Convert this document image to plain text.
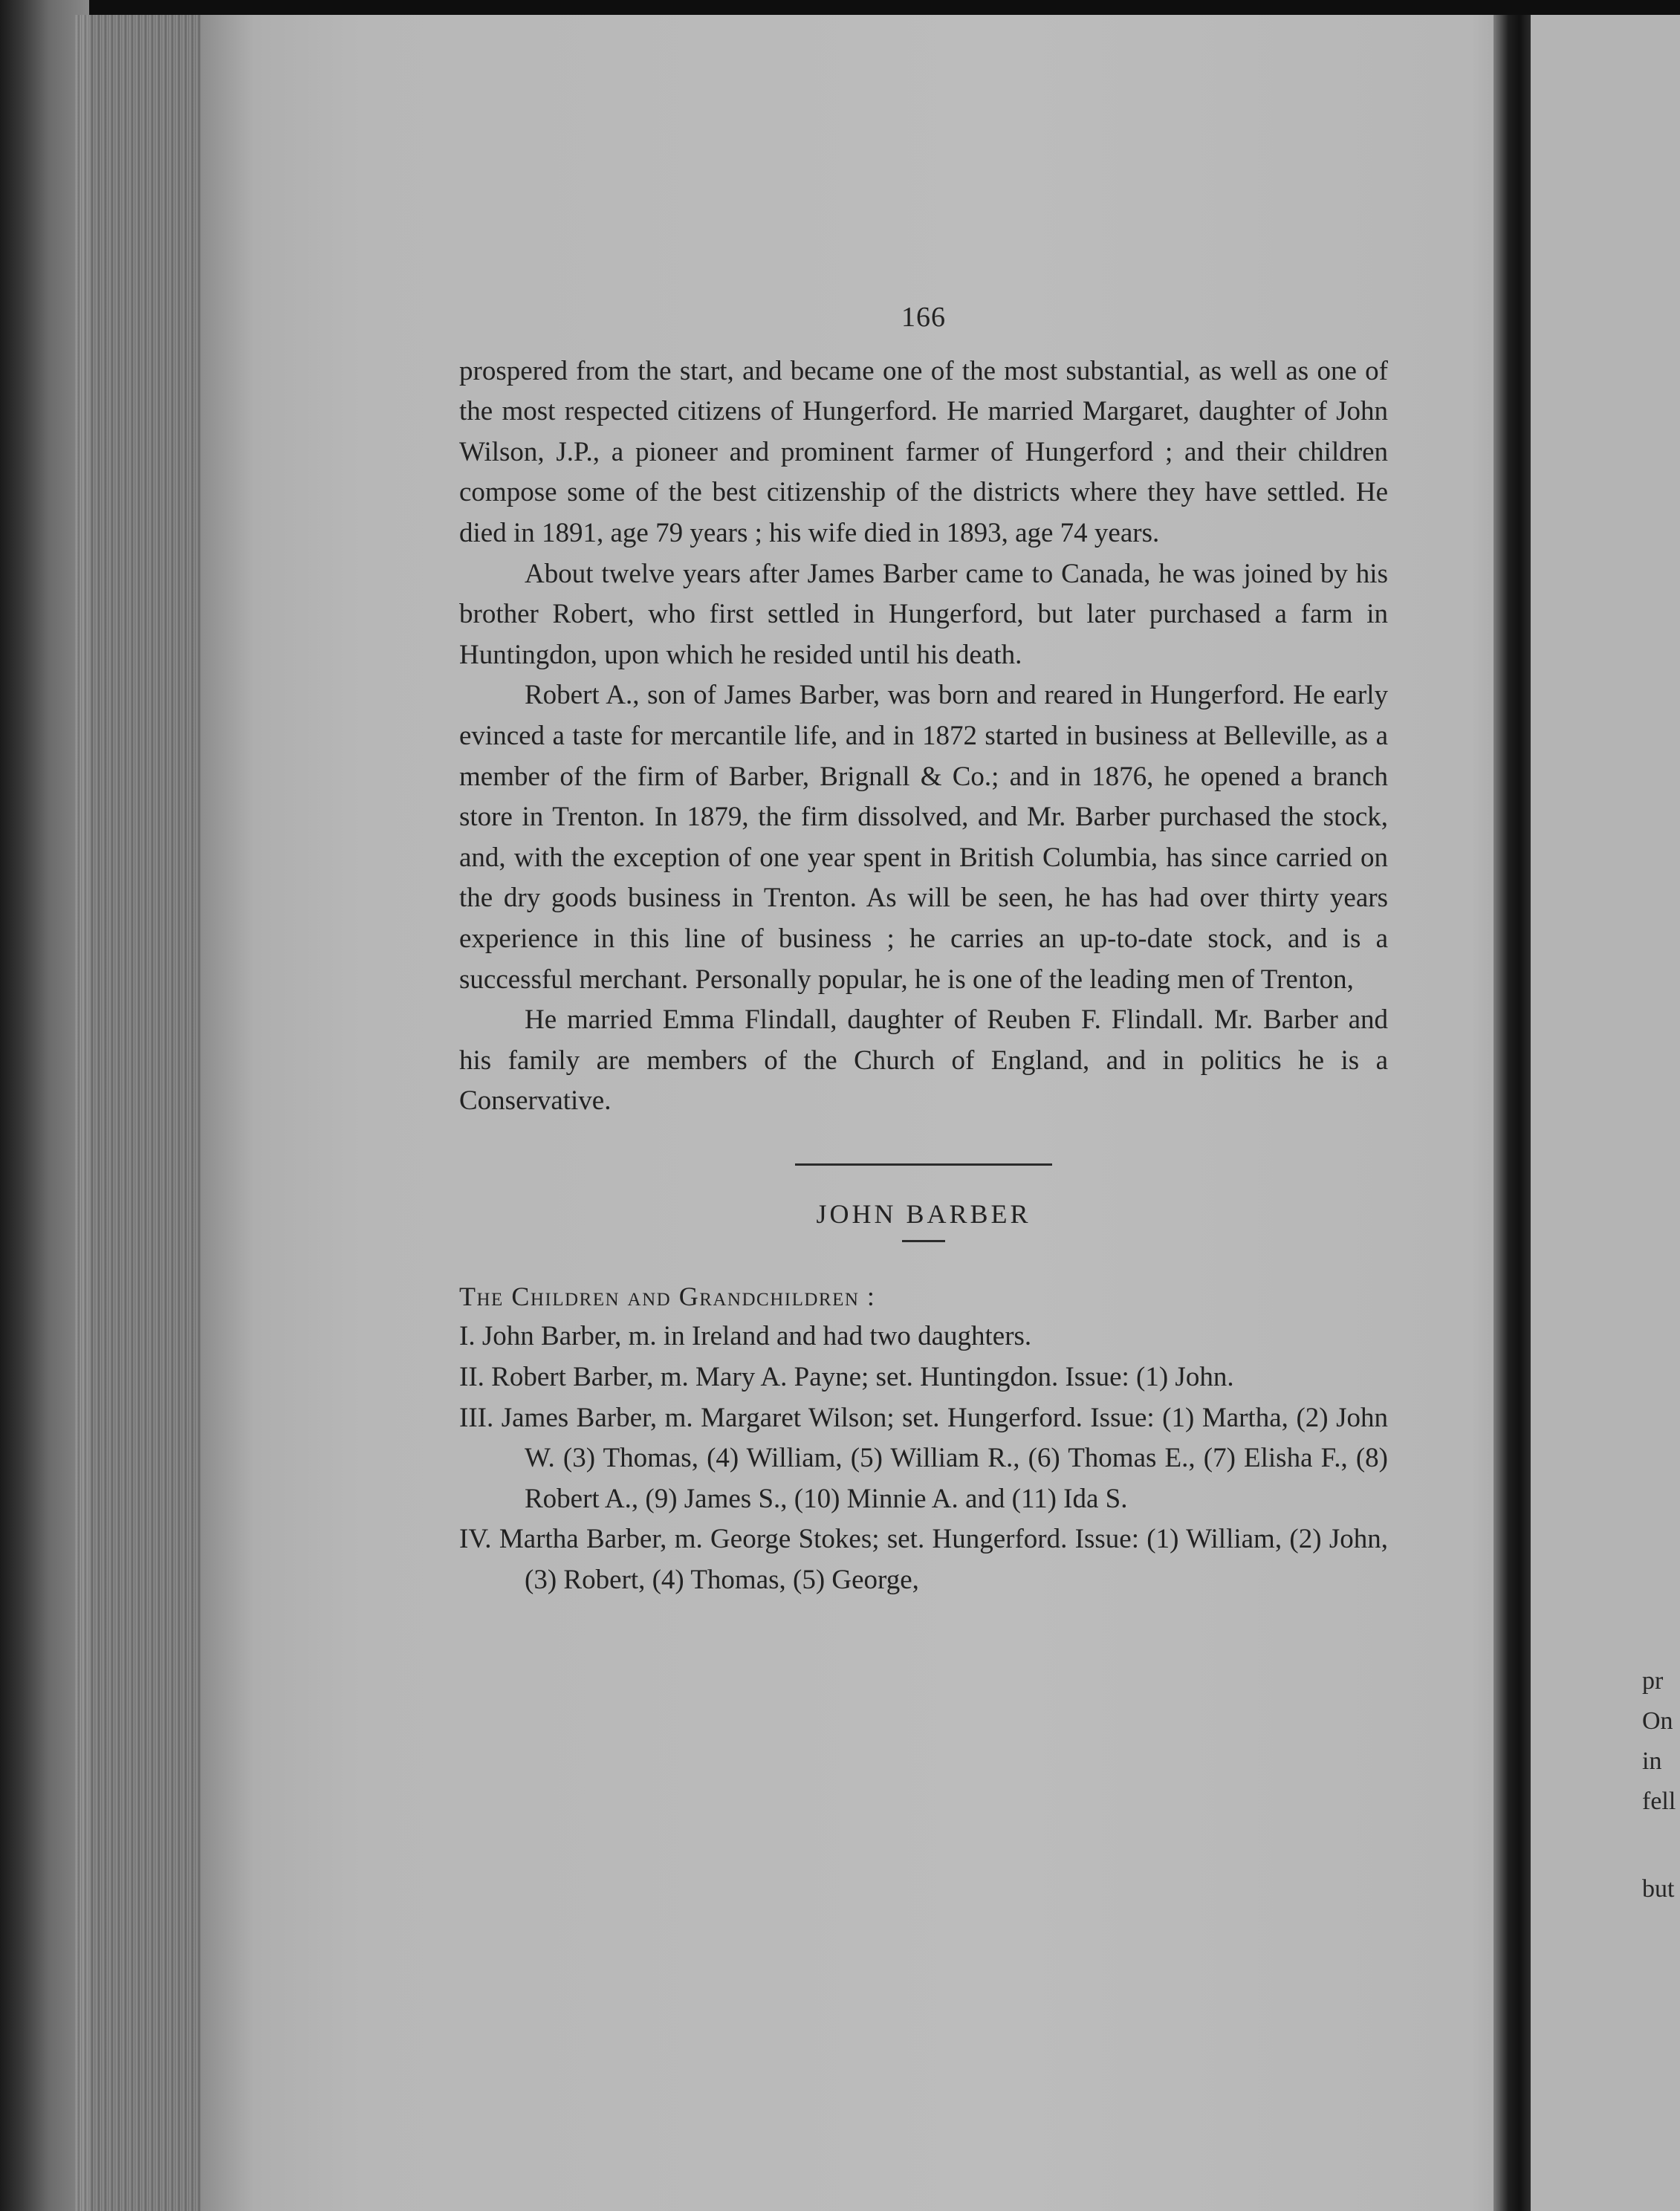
pr
On
in
fell
but
166

prospered from the start, and became one of the most substantial, as well as one of the most respected citizens of Hungerford. He married Margaret, daughter of John Wilson, J.P., a pioneer and prominent farmer of Hungerford ; and their children compose some of the best citizenship of the districts where they have settled. He died in 1891, age 79 years ; his wife died in 1893, age 74 years.

About twelve years after James Barber came to Canada, he was joined by his brother Robert, who first settled in Hungerford, but later purchased a farm in Huntingdon, upon which he resided until his death.

Robert A., son of James Barber, was born and reared in Hungerford. He early evinced a taste for mercantile life, and in 1872 started in business at Belleville, as a member of the firm of Barber, Brignall & Co.; and in 1876, he opened a branch store in Trenton. In 1879, the firm dissolved, and Mr. Barber purchased the stock, and, with the exception of one year spent in British Columbia, has since carried on the dry goods business in Trenton. As will be seen, he has had over thirty years experience in this line of business ; he carries an up-to-date stock, and is a successful merchant. Personally popular, he is one of the leading men of Trenton,

He married Emma Flindall, daughter of Reuben F. Flindall. Mr. Barber and his family are members of the Church of England, and in politics he is a Conservative.

JOHN BARBER

The Children and Grandchildren :

I. John Barber, m. in Ireland and had two daughters.

II. Robert Barber, m. Mary A. Payne; set. Huntingdon. Issue: (1) John.

III. James Barber, m. Margaret Wilson; set. Hungerford. Issue: (1) Martha, (2) John W. (3) Thomas, (4) William, (5) William R., (6) Thomas E., (7) Elisha F., (8) Robert A., (9) James S., (10) Minnie A. and (11) Ida S.

IV. Martha Barber, m. George Stokes; set. Hungerford. Issue: (1) William, (2) John, (3) Robert, (4) Thomas, (5) George,
